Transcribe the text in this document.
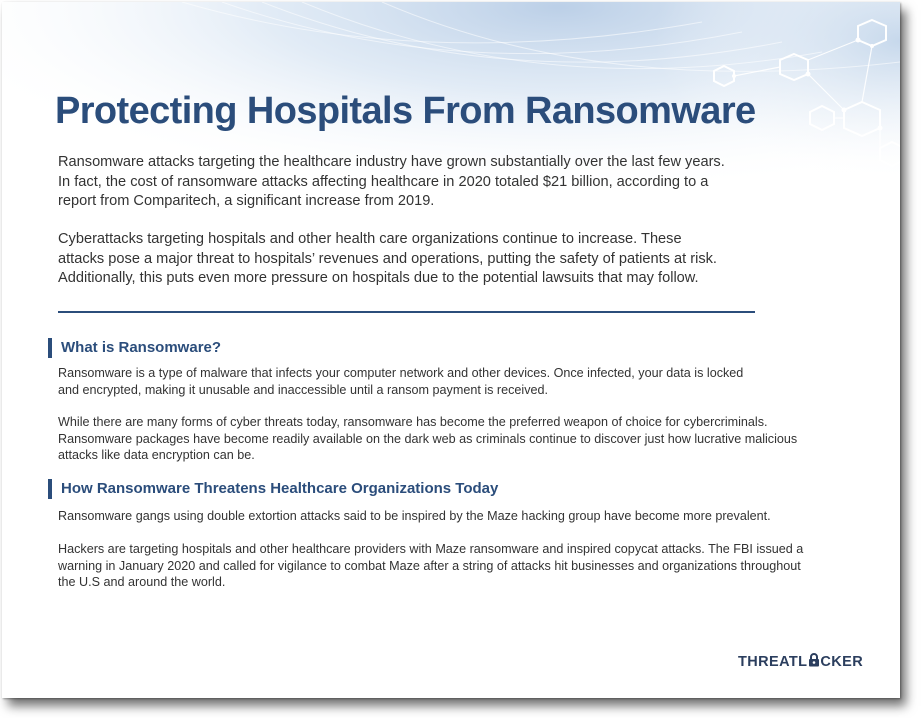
Protecting Hospitals From Ransomware

Ransomware attacks targeting the healthcare industry have grown substantially over the last few years.
In fact, the cost of ransomware attacks affecting healthcare in 2020 totaled $21 billion, according to a
report from Comparitech, a significant increase from 2019.

Cyberattacks targeting hospitals and other health care organizations continue to increase. These
attacks pose a major threat to hospitals’ revenues and operations, putting the safety of patients at risk.
Additionally, this puts even more pressure on hospitals due to the potential lawsuits that may follow.

What is Ransomware?

Ransomware is a type of malware that infects your computer network and other devices. Once infected, your data is locked
and encrypted, making it unusable and inaccessible until a ransom payment is received.

While there are many forms of cyber threats today, ransomware has become the preferred weapon of choice for cybercriminals.
Ransomware packages have become readily available on the dark web as criminals continue to discover just how lucrative malicious
attacks like data encryption can be.

How Ransomware Threatens Healthcare Organizations Today

Ransomware gangs using double extortion attacks said to be inspired by the Maze hacking group have become more prevalent.

Hackers are targeting hospitals and other healthcare providers with Maze ransomware and inspired copycat attacks. The FBI issued a
warning in January 2020 and called for vigilance to combat Maze after a string of attacks hit businesses and organizations throughout
the U.S and around the world.

THREATL CKER
